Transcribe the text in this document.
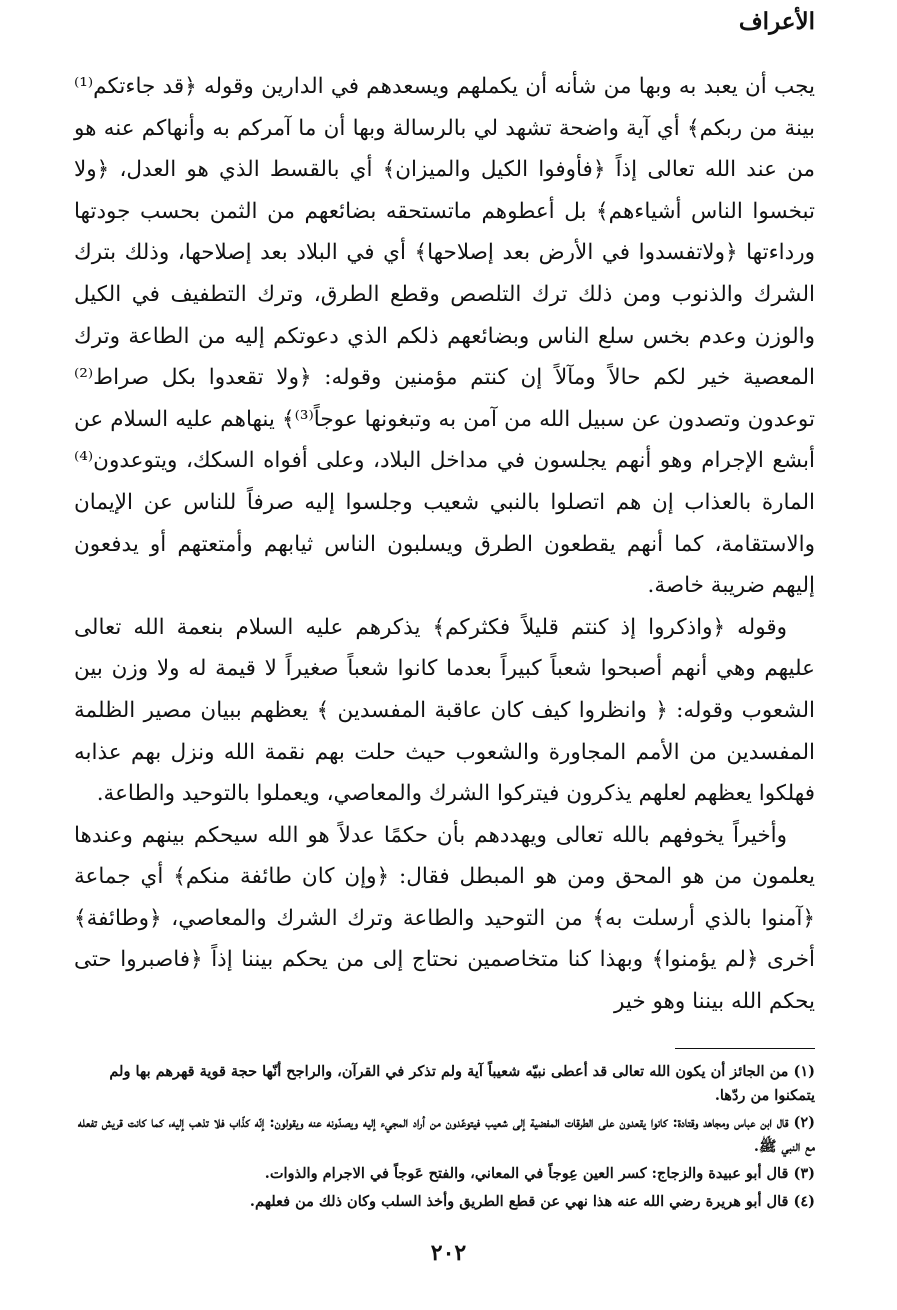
الأعراف

يجب أن يعبد به وبها من شأنه أن يكملهم ويسعدهم في الدارين وقوله ﴿قد جاءتكم⁽¹⁾ بينة من ربكم﴾ أي آية واضحة تشهد لي بالرسالة وبها أن ما آمركم به وأنهاكم عنه هو من عند الله تعالى إذاً ﴿فأوفوا الكيل والميزان﴾ أي بالقسط الذي هو العدل، ﴿ولا تبخسوا الناس أشياءهم﴾ بل أعطوهم ماتستحقه بضائعهم من الثمن بحسب جودتها ورداءتها ﴿ولاتفسدوا في الأرض بعد إصلاحها﴾ أي في البلاد بعد إصلاحها، وذلك بترك الشرك والذنوب ومن ذلك ترك التلصص وقطع الطرق، وترك التطفيف في الكيل والوزن وعدم بخس سلع الناس وبضائعهم ذلكم الذي دعوتكم إليه من الطاعة وترك المعصية خير لكم حالاً ومآلاً إن كنتم مؤمنين وقوله: ﴿ولا تقعدوا بكل صراط⁽²⁾ توعدون وتصدون عن سبيل الله من آمن به وتبغونها عوجاً⁽³⁾﴾ ينهاهم عليه السلام عن أبشع الإجرام وهو أنهم يجلسون في مداخل البلاد، وعلى أفواه السكك، ويتوعدون⁽⁴⁾ المارة بالعذاب إن هم اتصلوا بالنبي شعيب وجلسوا إليه صرفاً للناس عن الإيمان والاستقامة، كما أنهم يقطعون الطرق ويسلبون الناس ثيابهم وأمتعتهم أو يدفعون إليهم ضريبة خاصة.

وقوله ﴿واذكروا إذ كنتم قليلاً فكثركم﴾ يذكرهم عليه السلام بنعمة الله تعالى عليهم وهي أنهم أصبحوا شعباً كبيراً بعدما كانوا شعباً صغيراً لا قيمة له ولا وزن بين الشعوب وقوله: ﴿ وانظروا كيف كان عاقبة المفسدين ﴾ يعظهم ببيان مصير الظلمة المفسدين من الأمم المجاورة والشعوب حيث حلت بهم نقمة الله ونزل بهم عذابه فهلكوا يعظهم لعلهم يذكرون فيتركوا الشرك والمعاصي، ويعملوا بالتوحيد والطاعة.

وأخيراً يخوفهم بالله تعالى ويهددهم بأن حكمًا عدلاً هو الله سيحكم بينهم وعندها يعلمون من هو المحق ومن هو المبطل فقال: ﴿وإن كان طائفة منكم﴾ أي جماعة ﴿آمنوا بالذي أرسلت به﴾ من التوحيد والطاعة وترك الشرك والمعاصي، ﴿وطائفة﴾ أخرى ﴿لم يؤمنوا﴾ وبهذا كنا متخاصمين نحتاج إلى من يحكم بيننا إذاً ﴿فاصبروا حتى يحكم الله بيننا وهو خير

(١) من الجائز أن يكون الله تعالى قد أعطى نبيّه شعيباً آية ولم تذكر في القرآن، والراجح أنّها حجة قوية قهرهم بها ولم يتمكنوا من ردّها.

(٢) قال ابن عباس ومجاهد وقتادة: كانوا يقعدون على الطرقات المفضية إلى شعيب فيتوعّدون من أراد المجيء إليه ويصدّونه عنه ويقولون: إنّه كذّاب فلا تذهب إليه، كما كانت قريش تفعله مع النبي ﷺ.

(٣) قال أبو عبيدة والزجاج: كسر العين عِوجاً في المعاني، والفتح عَوجاً في الاجرام والذوات.

(٤) قال أبو هريرة رضي الله عنه هذا نهي عن قطع الطريق وأخذ السلب وكان ذلك من فعلهم.

٢٠٢
